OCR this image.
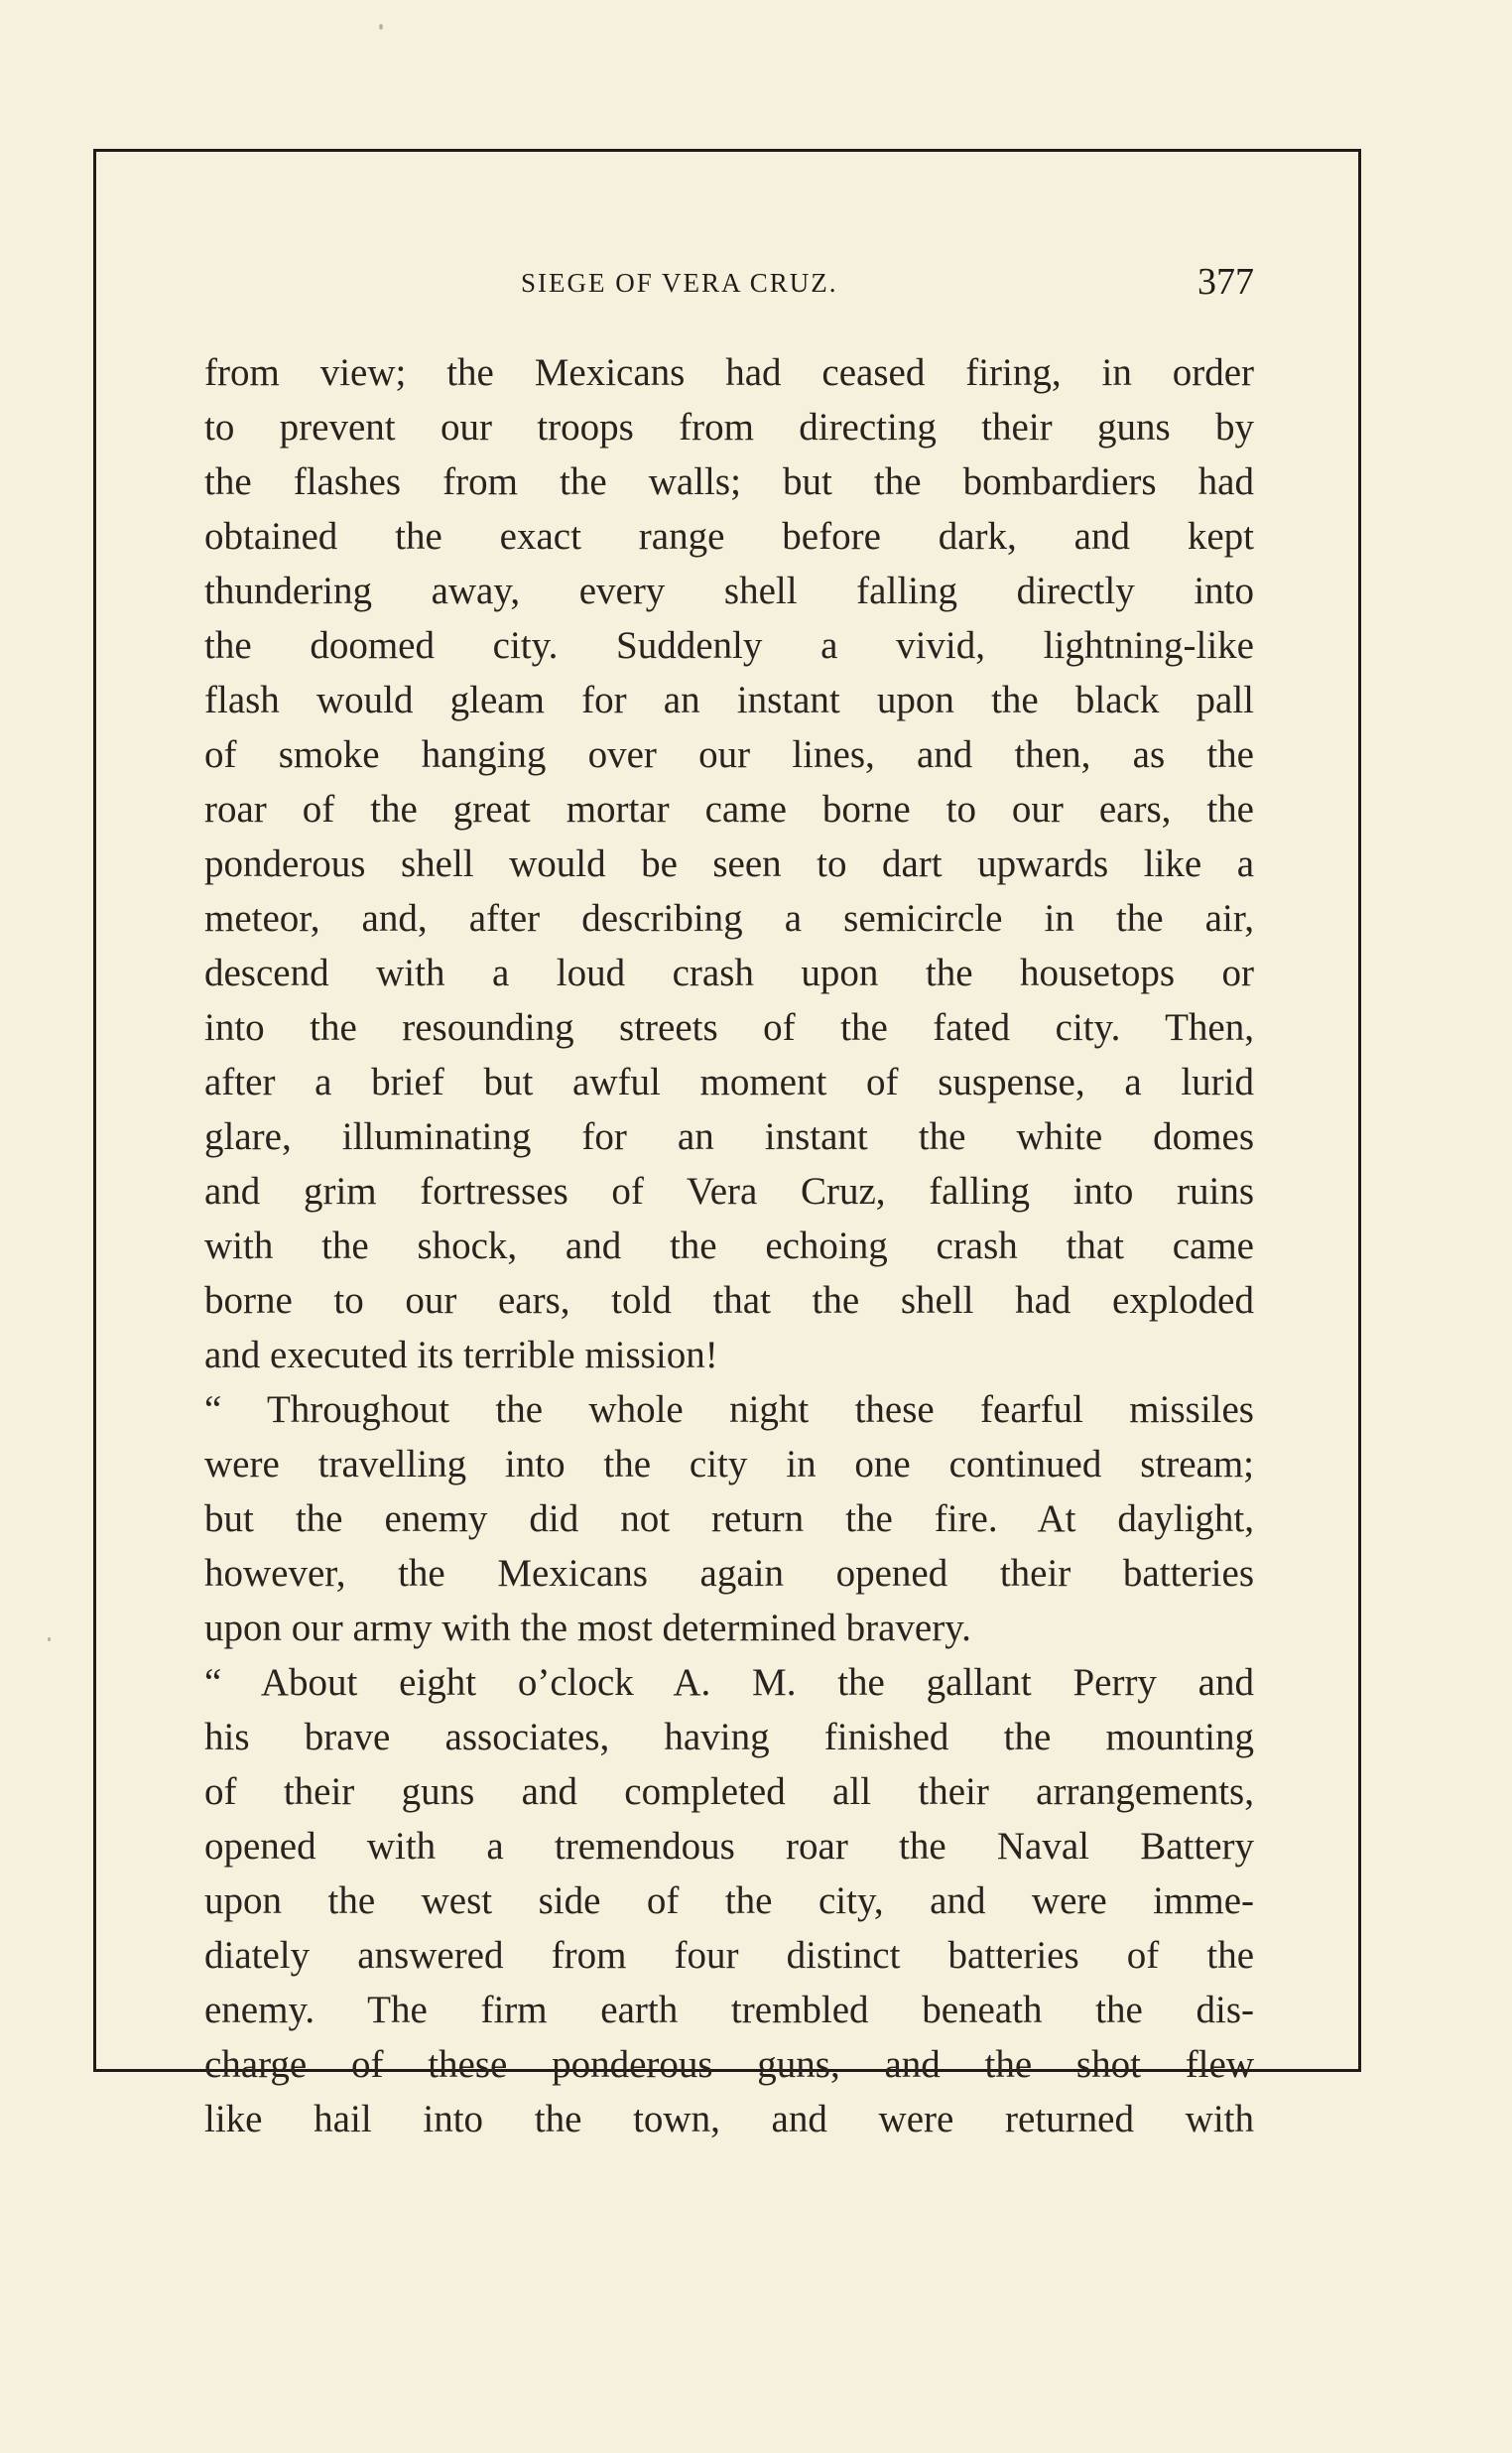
SIEGE OF VERA CRUZ.	377
from view; the Mexicans had ceased firing, in order
to prevent our troops from directing their guns by
the flashes from the walls; but the bombardiers had
obtained the exact range before dark, and kept
thundering away, every shell falling directly into
the doomed city. Suddenly a vivid, lightning-like
flash would gleam for an instant upon the black pall
of smoke hanging over our lines, and then, as the
roar of the great mortar came borne to our ears, the
ponderous shell would be seen to dart upwards like a
meteor, and, after describing a semicircle in the air,
descend with a loud crash upon the housetops or
into the resounding streets of the fated city. Then,
after a brief but awful moment of suspense, a lurid
glare, illuminating for an instant the white domes
and grim fortresses of Vera Cruz, falling into ruins
with the shock, and the echoing crash that came
borne to our ears, told that the shell had exploded
and executed its terrible mission!
“ Throughout the whole night these fearful missiles
were travelling into the city in one continued stream;
but the enemy did not return the fire. At daylight,
however, the Mexicans again opened their batteries
upon our army with the most determined bravery.
“ About eight o’clock A. M. the gallant Perry and
his brave associates, having finished the mounting
of their guns and completed all their arrangements,
opened with a tremendous roar the Naval Battery
upon the west side of the city, and were imme-
diately answered from four distinct batteries of the
enemy. The firm earth trembled beneath the dis-
charge of these ponderous guns, and the shot flew
like hail into the town, and were returned with
